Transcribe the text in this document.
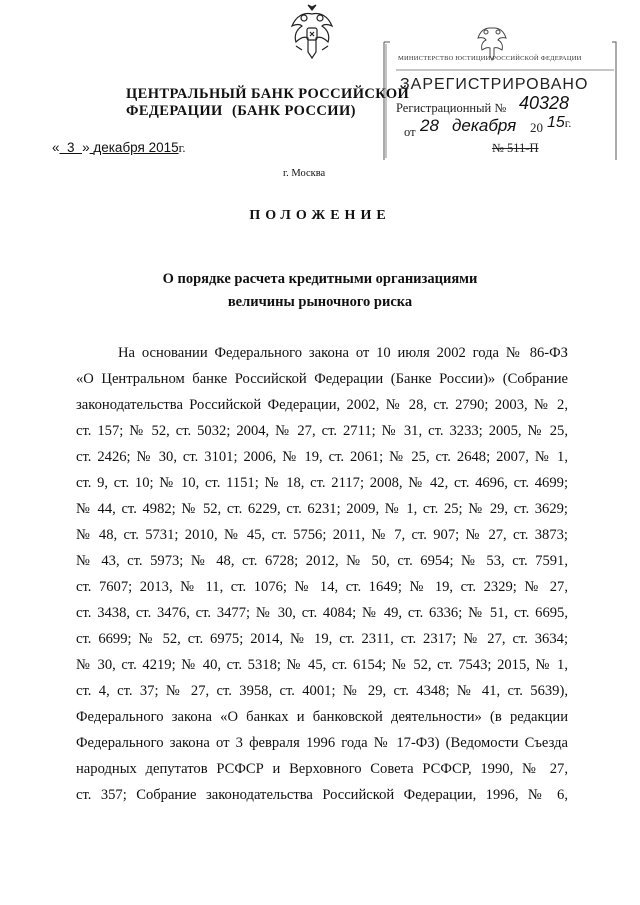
ЦЕНТРАЛЬНЫЙ БАНК РОССИЙСКОЙ ФЕДЕРАЦИИ (БАНК РОССИИ)
МИНИСТЕРСТВО ЮСТИЦИИ РОССИЙСКОЙ ФЕДЕРАЦИИ
ЗАРЕГИСТРИРОВАНО
Регистрационный № 40328
от 28 декабря 20 15г.
№ 511-П
« 3 » декабря 2015г.
г. Москва
ПОЛОЖЕНИЕ
О порядке расчета кредитными организациями
величины рыночного риска
На основании Федерального закона от 10 июля 2002 года № 86-ФЗ
«О Центральном банке Российской Федерации (Банке России)» (Собрание
законодательства Российской Федерации, 2002, № 28, ст. 2790; 2003, № 2,
ст. 157; № 52, ст. 5032; 2004, № 27, ст. 2711; № 31, ст. 3233; 2005, № 25,
ст. 2426; № 30, ст. 3101; 2006, № 19, ст. 2061; № 25, ст. 2648; 2007, № 1,
ст. 9, ст. 10; № 10, ст. 1151; № 18, ст. 2117; 2008, № 42, ст. 4696, ст. 4699;
№ 44, ст. 4982; № 52, ст. 6229, ст. 6231; 2009, № 1, ст. 25; № 29, ст. 3629;
№ 48, ст. 5731; 2010, № 45, ст. 5756; 2011, № 7, ст. 907; № 27, ст. 3873;
№ 43, ст. 5973; № 48, ст. 6728; 2012, № 50, ст. 6954; № 53, ст. 7591,
ст. 7607; 2013, № 11, ст. 1076; № 14, ст. 1649; № 19, ст. 2329; № 27,
ст. 3438, ст. 3476, ст. 3477; № 30, ст. 4084; № 49, ст. 6336; № 51, ст. 6695,
ст. 6699; № 52, ст. 6975; 2014, № 19, ст. 2311, ст. 2317; № 27, ст. 3634;
№ 30, ст. 4219; № 40, ст. 5318; № 45, ст. 6154; № 52, ст. 7543; 2015, № 1,
ст. 4, ст. 37; № 27, ст. 3958, ст. 4001; № 29, ст. 4348; № 41, ст. 5639),
Федерального закона «О банках и банковской деятельности» (в редакции
Федерального закона от 3 февраля 1996 года № 17-ФЗ) (Ведомости Съезда
народных депутатов РСФСР и Верховного Совета РСФСР, 1990, № 27,
ст. 357; Собрание законодательства Российской Федерации, 1996, № 6,
